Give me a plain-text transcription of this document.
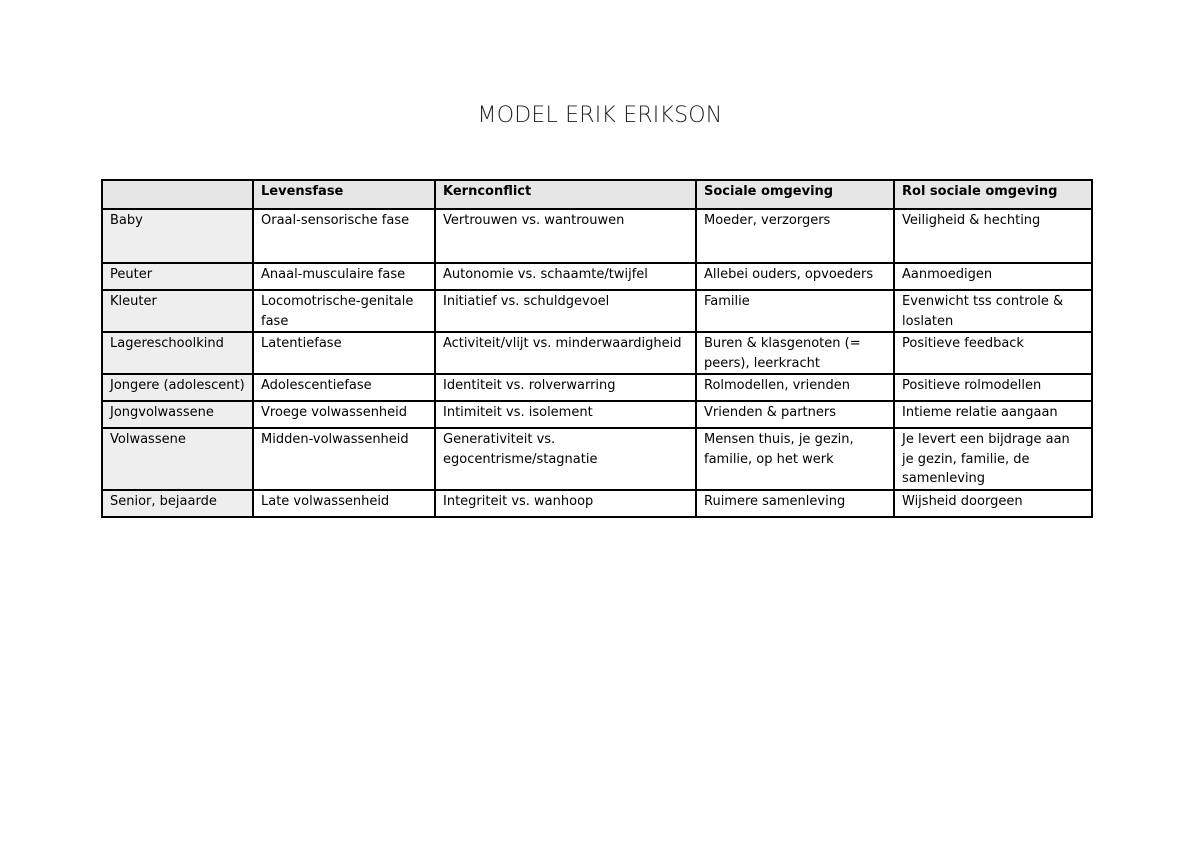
MODEL ERIK ERIKSON
	Levensfase	Kernconflict	Sociale omgeving	Rol sociale omgeving
Baby	Oraal-sensorische fase	Vertrouwen vs. wantrouwen	Moeder, verzorgers	Veiligheid & hechting
Peuter	Anaal-musculaire fase	Autonomie vs. schaamte/twijfel	Allebei ouders, opvoeders	Aanmoedigen
Kleuter	Locomotrische-genitale fase	Initiatief vs. schuldgevoel	Familie	Evenwicht tss controle & loslaten
Lagereschoolkind	Latentiefase	Activiteit/vlijt vs. minderwaardigheid	Buren & klasgenoten (= peers), leerkracht	Positieve feedback
Jongere (adolescent)	Adolescentiefase	Identiteit vs. rolverwarring	Rolmodellen, vrienden	Positieve rolmodellen
Jongvolwassene	Vroege volwassenheid	Intimiteit vs. isolement	Vrienden & partners	Intieme relatie aangaan
Volwassene	Midden-volwassenheid	Generativiteit vs. egocentrisme/stagnatie	Mensen thuis, je gezin, familie, op het werk	Je levert een bijdrage aan je gezin, familie, de samenleving
Senior, bejaarde	Late volwassenheid	Integriteit vs. wanhoop	Ruimere samenleving	Wijsheid doorgeen
